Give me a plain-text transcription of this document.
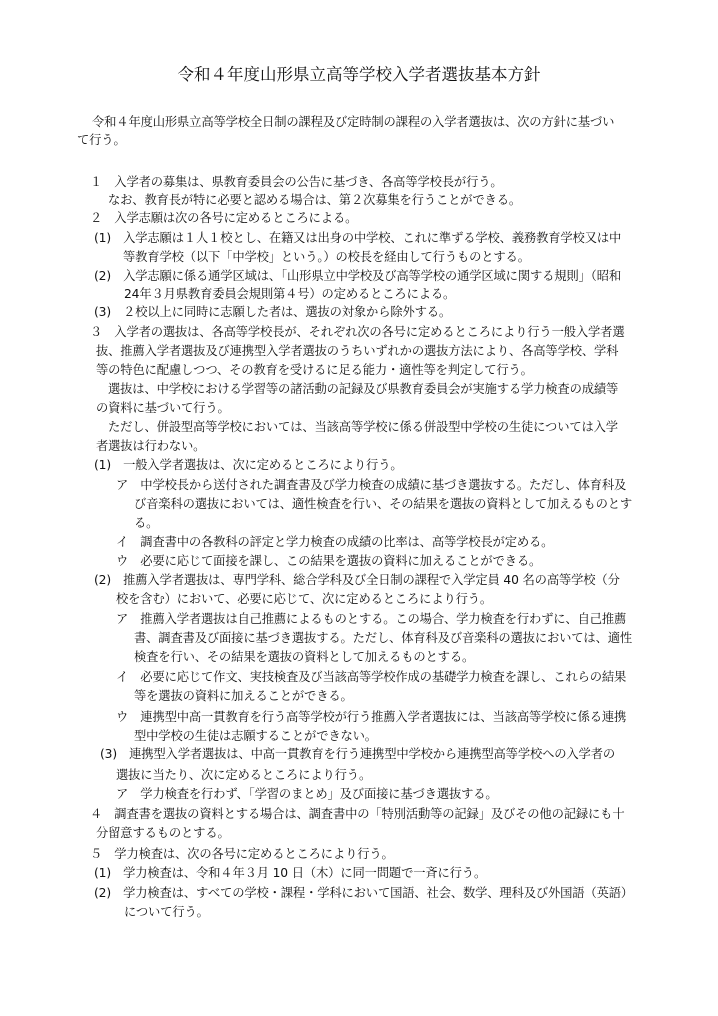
令和４年度山形県立高等学校入学者選抜基本方針
令和４年度山形県立高等学校全日制の課程及び定時制の課程の入学者選抜は、次の方針に基づい
て行う。
１　入学者の募集は、県教育委員会の公告に基づき、各高等学校長が行う。
なお、教育長が特に必要と認める場合は、第２次募集を行うことができる。
２　入学志願は次の各号に定めるところによる。
(1)　入学志願は１人１校とし、在籍又は出身の中学校、これに準ずる学校、義務教育学校又は中
等教育学校（以下「中学校」という。）の校長を経由して行うものとする。
(2)　入学志願に係る通学区域は、「山形県立中学校及び高等学校の通学区域に関する規則」（昭和
24年３月県教育委員会規則第４号）の定めるところによる。
(3)　２校以上に同時に志願した者は、選抜の対象から除外する。
３　入学者の選抜は、各高等学校長が、それぞれ次の各号に定めるところにより行う一般入学者選
抜、推薦入学者選抜及び連携型入学者選抜のうちいずれかの選抜方法により、各高等学校、学科
等の特色に配慮しつつ、その教育を受けるに足る能力・適性等を判定して行う。
選抜は、中学校における学習等の諸活動の記録及び県教育委員会が実施する学力検査の成績等
の資料に基づいて行う。
ただし、併設型高等学校においては、当該高等学校に係る併設型中学校の生徒については入学
者選抜は行わない。
(1)　一般入学者選抜は、次に定めるところにより行う。
ア　中学校長から送付された調査書及び学力検査の成績に基づき選抜する。ただし、体育科及
び音楽科の選抜においては、適性検査を行い、その結果を選抜の資料として加えるものとす
る。
イ　調査書中の各教科の評定と学力検査の成績の比率は、高等学校長が定める。
ウ　必要に応じて面接を課し、この結果を選抜の資料に加えることができる。
(2)　推薦入学者選抜は、専門学科、総合学科及び全日制の課程で入学定員 40 名の高等学校（分
校を含む）において、必要に応じて、次に定めるところにより行う。
ア　推薦入学者選抜は自己推薦によるものとする。この場合、学力検査を行わずに、自己推薦
書、調査書及び面接に基づき選抜する。ただし、体育科及び音楽科の選抜においては、適性
検査を行い、その結果を選抜の資料として加えるものとする。
イ　必要に応じて作文、実技検査及び当該高等学校作成の基礎学力検査を課し、これらの結果
等を選抜の資料に加えることができる。
ウ　連携型中高一貫教育を行う高等学校が行う推薦入学者選抜には、当該高等学校に係る連携
型中学校の生徒は志願することができない。
(3)　連携型入学者選抜は、中高一貫教育を行う連携型中学校から連携型高等学校への入学者の
選抜に当たり、次に定めるところにより行う。
ア　学力検査を行わず、「学習のまとめ」及び面接に基づき選抜する。
４　調査書を選抜の資料とする場合は、調査書中の「特別活動等の記録」及びその他の記録にも十
分留意するものとする。
５　学力検査は、次の各号に定めるところにより行う。
(1)　学力検査は、令和４年３月 10 日（木）に同一問題で一斉に行う。
(2)　学力検査は、すべての学校・課程・学科において国語、社会、数学、理科及び外国語（英語）
について行う。
